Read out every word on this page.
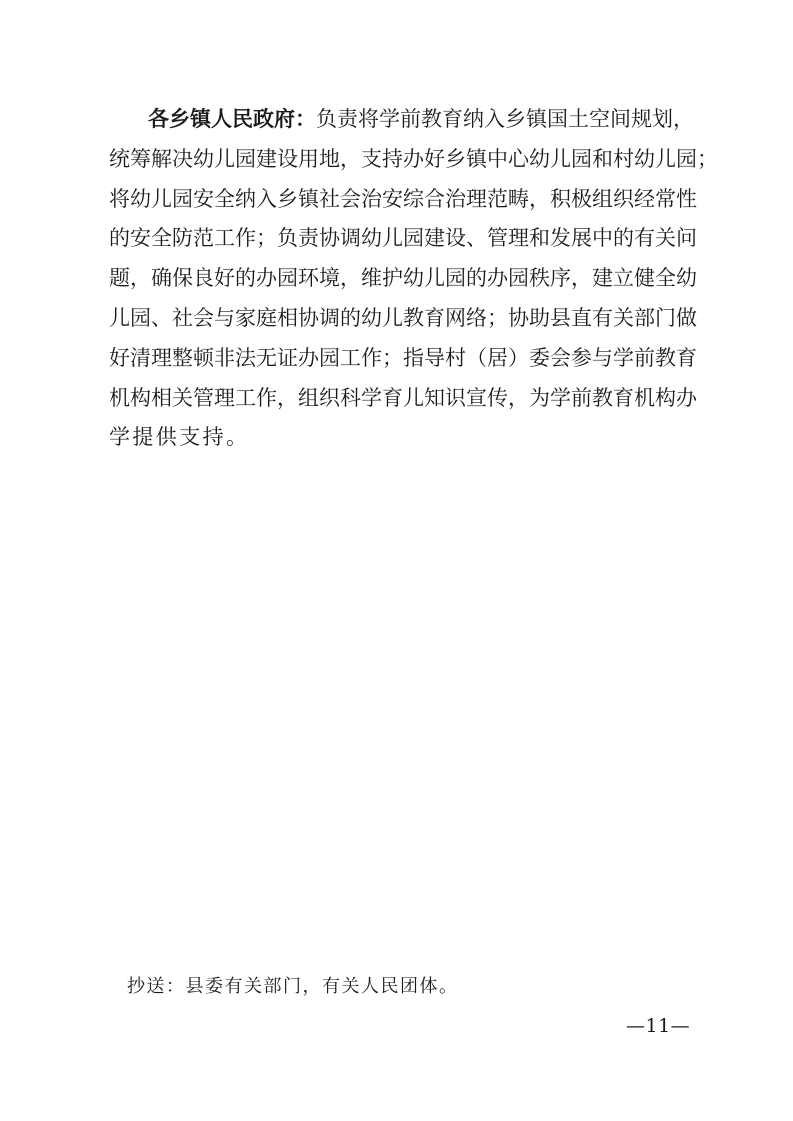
各乡镇人民政府：负责将学前教育纳入乡镇国土空间规划，
统筹解决幼儿园建设用地，支持办好乡镇中心幼儿园和村幼儿园；
将幼儿园安全纳入乡镇社会治安综合治理范畴，积极组织经常性
的安全防范工作；负责协调幼儿园建设、管理和发展中的有关问
题，确保良好的办园环境，维护幼儿园的办园秩序，建立健全幼
儿园、社会与家庭相协调的幼儿教育网络；协助县直有关部门做
好清理整顿非法无证办园工作；指导村（居）委会参与学前教育
机构相关管理工作，组织科学育儿知识宣传，为学前教育机构办
学提供支持。
抄送：县委有关部门，有关人民团体。
—11—
